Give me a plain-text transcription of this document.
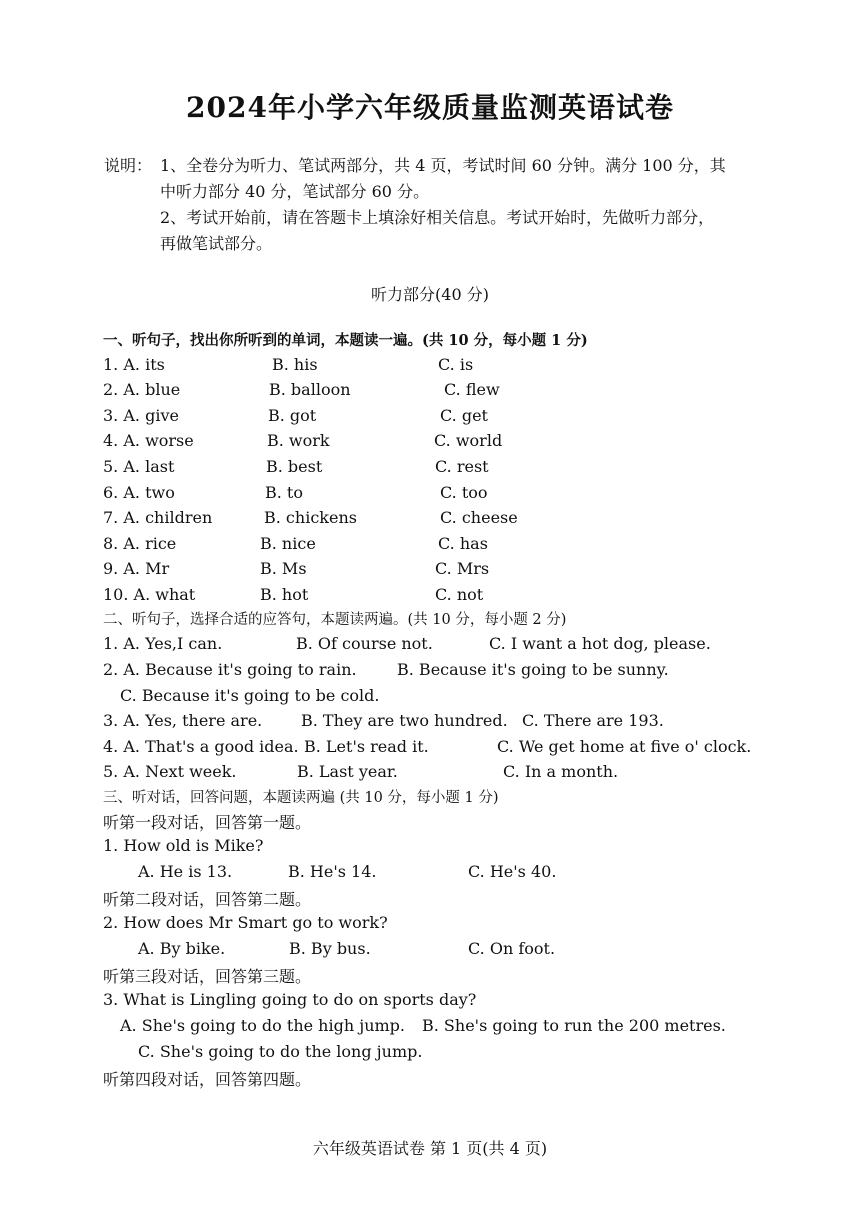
2024年小学六年级质量监测英语试卷
说明： 1、全卷分为听力、笔试两部分，共 4 页，考试时间 60 分钟。满分 100 分，其
中听力部分 40 分，笔试部分 60 分。
2、考试开始前，请在答题卡上填涂好相关信息。考试开始时，先做听力部分，
再做笔试部分。
听力部分(40 分)
一、听句子，找出你所听到的单词，本题读一遍。(共 10 分，每小题 1 分)
1. A. its	B. his	C. is
2. A. blue	B. balloon	C. flew
3. A. give	B. got	C. get
4. A. worse	B. work	C. world
5. A. last	B. best	C. rest
6. A. two	B. to	C. too
7. A. children	B. chickens	C. cheese
8. A. rice	B. nice	C. has
9. A. Mr	B. Ms	C. Mrs
10. A. what	B. hot	C. not
二、听句子，选择合适的应答句，本题读两遍。(共 10 分，每小题 2 分)
1. A. Yes,I can.	B. Of course not.	C. I want a hot dog, please.
2. A. Because it's going to rain.	B. Because it's going to be sunny.
C. Because it's going to be cold.
3. A. Yes, there are. B. They are two hundred. C. There are 193.
4. A. That's a good idea. B. Let's read it.	C. We get home at five o' clock.
5. A. Next week.	B. Last year.	C. In a month.
三、听对话，回答问题，本题读两遍 (共 10 分，每小题 1 分)
听第一段对话，回答第一题。
1. How old is Mike?
A. He is 13.	B. He's 14.	C. He's 40.
听第二段对话，回答第二题。
2. How does Mr Smart go to work?
A. By bike.	B. By bus.	C. On foot.
听第三段对话，回答第三题。
3. What is Lingling going to do on sports day?
A. She's going to do the high jump. B. She's going to run the 200 metres.
C. She's going to do the long jump.
听第四段对话，回答第四题。
六年级英语试卷 第 1 页(共 4 页)
